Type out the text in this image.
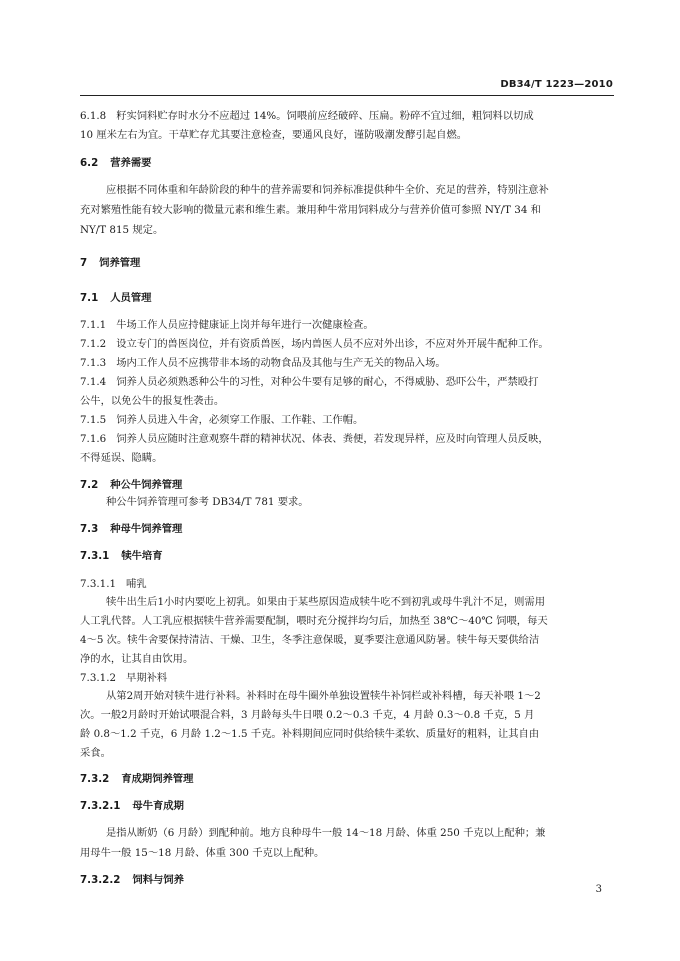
DB34/T 1223—2010
6.1.8 籽实饲料贮存时水分不应超过 14%。饲喂前应经破碎、压扁。粉碎不宜过细，粗饲料以切成
10 厘米左右为宜。干草贮存尤其要注意检查，要通风良好，谨防吸潮发酵引起自燃。
6.2 营养需要
应根据不同体重和年龄阶段的种牛的营养需要和饲养标准提供种牛全价、充足的营养，特别注意补
充对繁殖性能有较大影响的微量元素和维生素。兼用种牛常用饲料成分与营养价值可参照 NY/T 34 和
NY/T 815 规定。
7 饲养管理
7.1 人员管理
7.1.1 牛场工作人员应持健康证上岗并每年进行一次健康检查。
7.1.2 设立专门的兽医岗位，并有资质兽医，场内兽医人员不应对外出诊，不应对外开展牛配种工作。
7.1.3 场内工作人员不应携带非本场的动物食品及其他与生产无关的物品入场。
7.1.4 饲养人员必须熟悉种公牛的习性，对种公牛要有足够的耐心，不得威胁、恐吓公牛，严禁殴打
公牛，以免公牛的报复性袭击。
7.1.5 饲养人员进入牛舍，必须穿工作服、工作鞋、工作帽。
7.1.6 饲养人员应随时注意观察牛群的精神状况、体表、粪便，若发现异样，应及时向管理人员反映，
不得延误、隐瞒。
7.2 种公牛饲养管理
种公牛饲养管理可参考 DB34/T 781 要求。
7.3 种母牛饲养管理
7.3.1 犊牛培育
7.3.1.1 哺乳
犊牛出生后1小时内要吃上初乳。如果由于某些原因造成犊牛吃不到初乳或母牛乳汁不足，则需用
人工乳代替。人工乳应根据犊牛营养需要配制，喂时充分搅拌均匀后，加热至 38℃～40℃ 饲喂，每天
4～5 次。犊牛舍要保持清洁、干燥、卫生，冬季注意保暖，夏季要注意通风防暑。犊牛每天要供给洁
净的水，让其自由饮用。
7.3.1.2 早期补料
从第2周开始对犊牛进行补料。补料时在母牛圈外单独设置犊牛补饲栏或补料槽，每天补喂 1～2
次。一般2月龄时开始试喂混合料，3 月龄每头牛日喂 0.2～0.3 千克，4 月龄 0.3～0.8 千克，5 月
龄 0.8～1.2 千克，6 月龄 1.2～1.5 千克。补料期间应同时供给犊牛柔软、质量好的粗料，让其自由
采食。
7.3.2 育成期饲养管理
7.3.2.1 母牛育成期
是指从断奶（6 月龄）到配种前。地方良种母牛一般 14～18 月龄、体重 250 千克以上配种；兼
用母牛一般 15～18 月龄、体重 300 千克以上配种。
7.3.2.2 饲料与饲养
3
